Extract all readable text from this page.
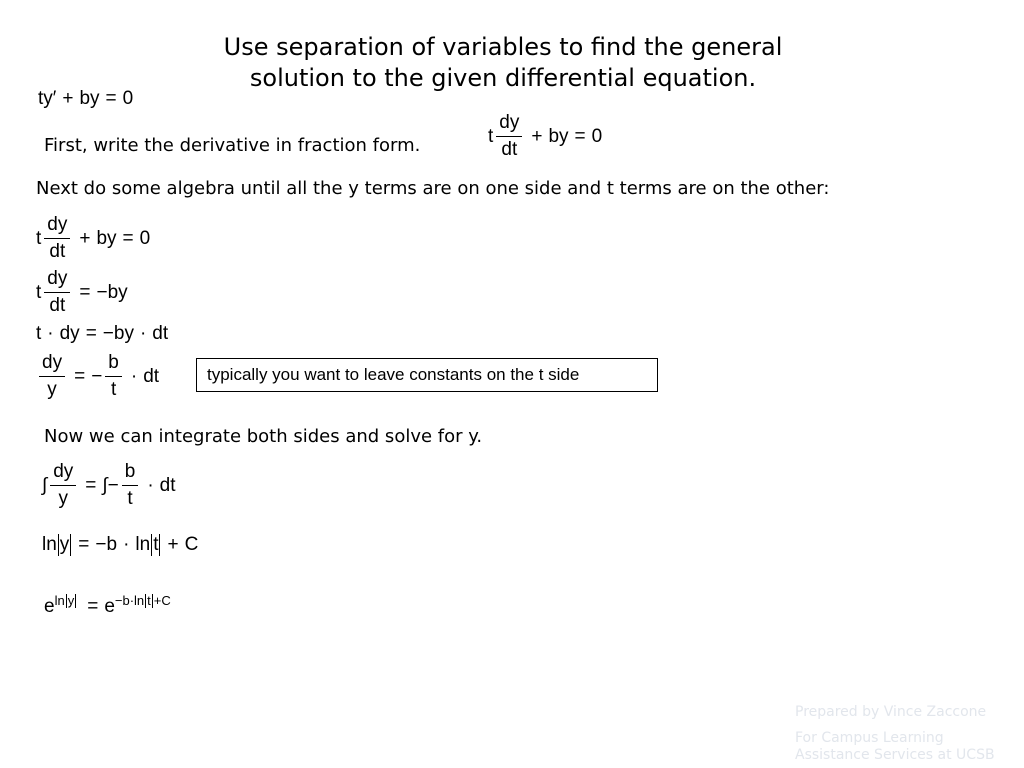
Use separation of variables to find the general
solution to the given differential equation.
ty′ + by = 0
First, write the derivative in fraction form.	t $\frac{dy}{dt}$ + by = 0
Next do some algebra until all the y terms are on one side and t terms are on the other:
t $\frac{dy}{dt}$ + by = 0
t $\frac{dy}{dt} = -by$
t · dy = −by · dt
$\frac{dy}{y}$ = − $\frac{b}{t}$ · dt	typically you want to leave constants on the t side
Now we can integrate both sides and solve for y.
∫ $\frac{dy}{y}$ = ∫ − $\frac{b}{t}$ · dt
ln y = −b · ln t + C
e ln y = e −b ·ln t +C
Prepared by Vince Zaccone
For Campus Learning
Assistance Services at UCSB
